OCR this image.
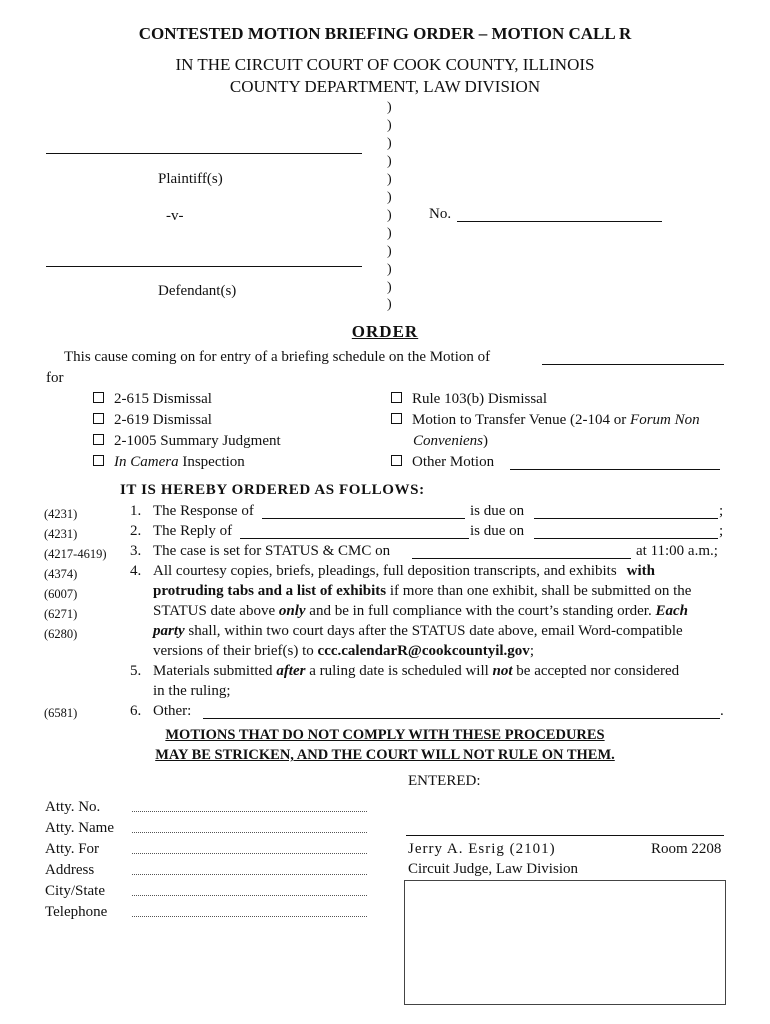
CONTESTED MOTION BRIEFING ORDER – MOTION CALL R
IN THE CIRCUIT COURT OF COOK COUNTY, ILLINOIS
COUNTY DEPARTMENT, LAW DIVISION
Plaintiff(s)
-v-
Defendant(s)
)
)
)
)
)
)
)
)
)
)
)
)
No.
ORDER
This cause coming on for entry of a briefing schedule on the Motion of
for
2-615 Dismissal
2-619 Dismissal
2-1005 Summary Judgment
In Camera Inspection
Rule 103(b) Dismissal
Motion to Transfer Venue (2-104 or Forum Non
Conveniens)
Other Motion
IT IS HEREBY ORDERED AS FOLLOWS:
(4231)
(4231)
(4217-4619)
(4374)
(6007)
(6271)
(6280)
(6581)
1. The Response of	is due on	;
2. The Reply of	is due on	;
3. The case is set for STATUS & CMC on	at 11:00 a.m.;
4. All courtesy copies, briefs, pleadings, full deposition transcripts, and exhibits with
protruding tabs and a list of exhibits if more than one exhibit, shall be submitted on the
STATUS date above only and be in full compliance with the court’s standing order. Each
party shall, within two court days after the STATUS date above, email Word-compatible
versions of their brief(s) to ccc.calendarR@cookcountyil.gov;
5. Materials submitted after a ruling date is scheduled will not be accepted nor considered
in the ruling;
6. Other:	.
MOTIONS THAT DO NOT COMPLY WITH THESE PROCEDURES
MAY BE STRICKEN, AND THE COURT WILL NOT RULE ON THEM.
ENTERED:
Atty. No.
Atty. Name
Atty. For
Address
City/State
Telephone
Jerry A. Esrig (2101)	Room 2208
Circuit Judge, Law Division
